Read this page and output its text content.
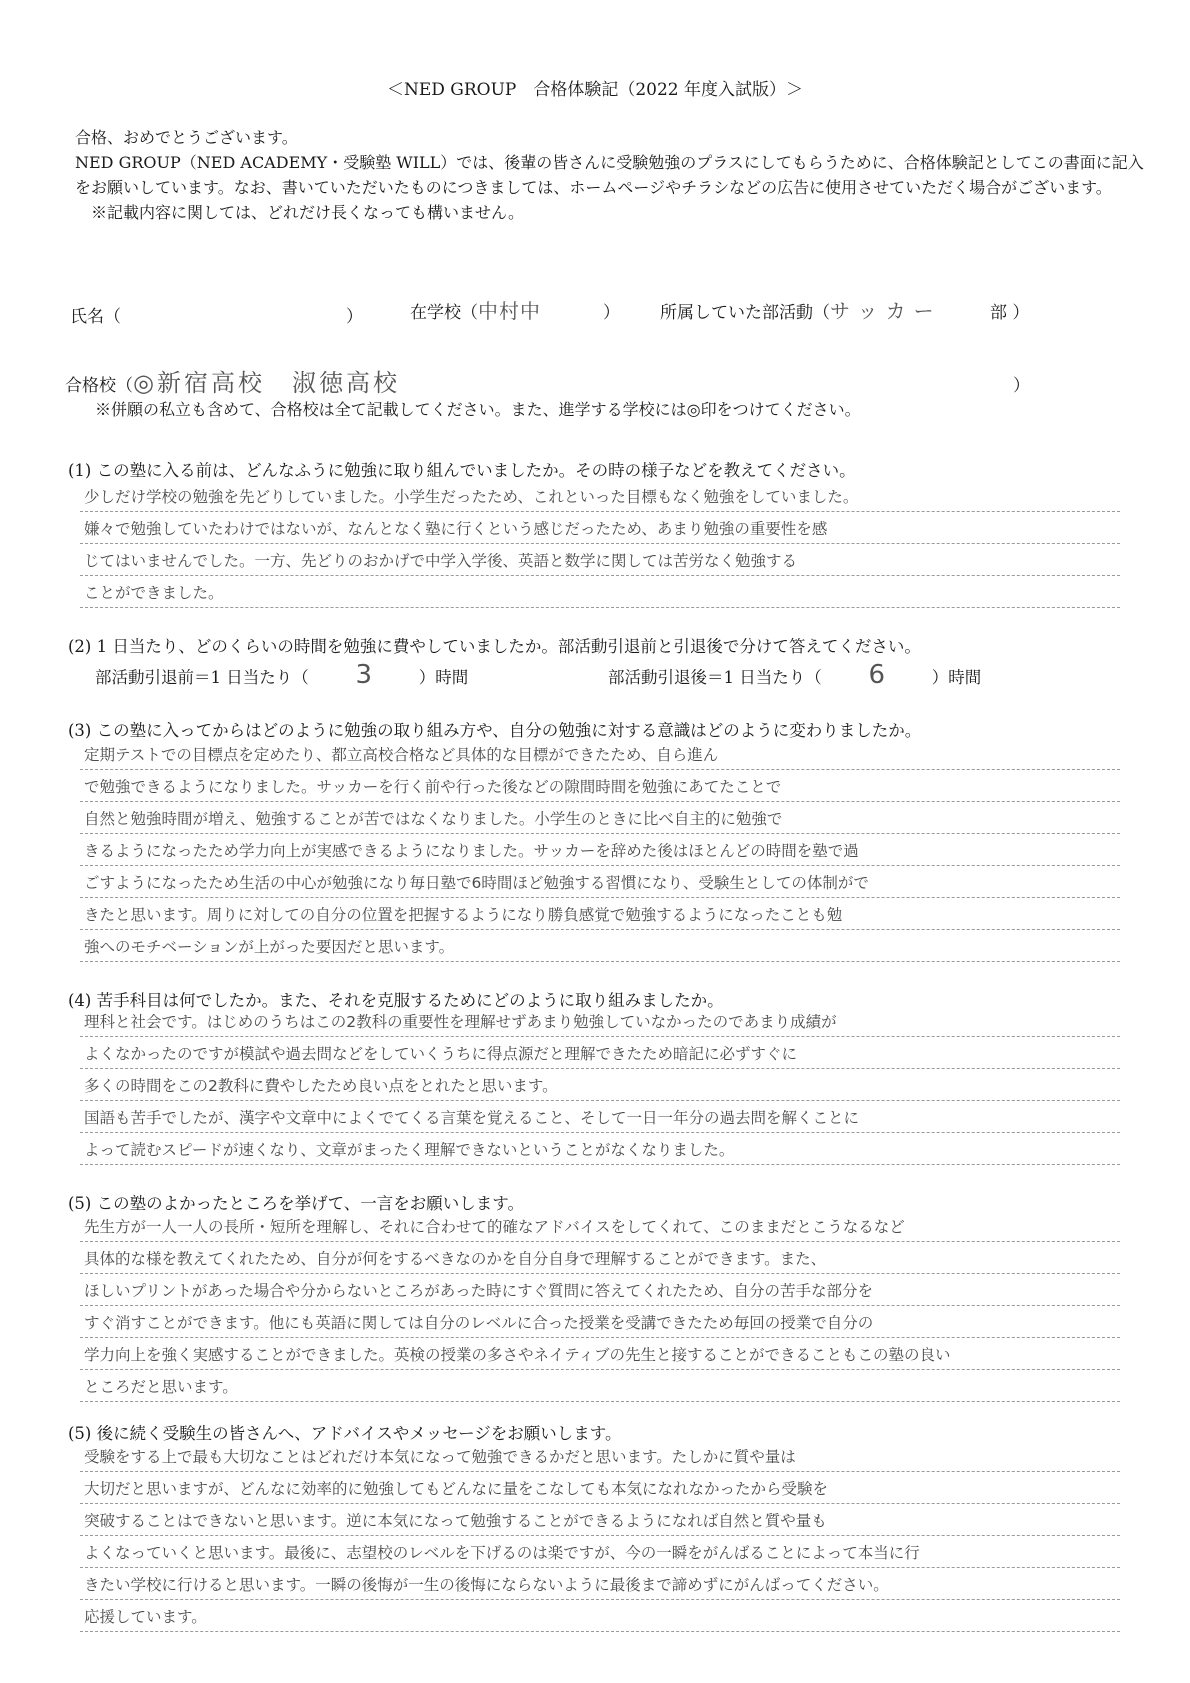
＜NED GROUP　合格体験記（2022 年度入試版）＞

合格、おめでとうございます。

NED GROUP（NED ACADEMY・受験塾 WILL）では、後輩の皆さんに受験勉強のプラスにしてもらうために、合格体験記としてこの書面に記入をお願いしています。なお、書いていただいたものにつきましては、ホームページやチラシなどの広告に使用させていただく場合がございます。

※記載内容に関しては、どれだけ長くなっても構いません。

氏名（	）	在学校（中村中	） 所属していた部活動（サッカー	部 ）
合格校（◎新宿高校　淑徳高校	）
※併願の私立も含めて、合格校は全て記載してください。また、進学する学校には◎印をつけてください。
(1) この塾に入る前は、どんなふうに勉強に取り組んでいましたか。その時の様子などを教えてください。
少しだけ学校の勉強を先どりしていました。小学生だったため、これといった目標もなく勉強をしていました。
嫌々で勉強していたわけではないが、なんとなく塾に行くという感じだったため、あまり勉強の重要性を感
じてはいませんでした。一方、先どりのおかげで中学入学後、英語と数学に関しては苦労なく勉強する
ことができました。
(2) 1 日当たり、どのくらいの時間を勉強に費やしていましたか。部活動引退前と引退後で分けて答えてください。
部活動引退前＝1 日当たり（ 3	）時間	部活動引退後＝1 日当たり（ 6	）時間
(3) この塾に入ってからはどのように勉強の取り組み方や、自分の勉強に対する意識はどのように変わりましたか。
定期テストでの目標点を定めたり、都立高校合格など具体的な目標ができたため、自ら進ん
で勉強できるようになりました。サッカーを行く前や行った後などの隙間時間を勉強にあてたことで
自然と勉強時間が増え、勉強することが苦ではなくなりました。小学生のときに比べ自主的に勉強で
きるようになったため学力向上が実感できるようになりました。サッカーを辞めた後はほとんどの時間を塾で過
ごすようになったため生活の中心が勉強になり毎日塾で6時間ほど勉強する習慣になり、受験生としての体制がで
きたと思います。周りに対しての自分の位置を把握するようになり勝負感覚で勉強するようになったことも勉
強へのモチベーションが上がった要因だと思います。
(4) 苦手科目は何でしたか。また、それを克服するためにどのように取り組みましたか。
理科と社会です。はじめのうちはこの2教科の重要性を理解せずあまり勉強していなかったのであまり成績が
よくなかったのですが模試や過去問などをしていくうちに得点源だと理解できたため暗記に必ずすぐに
多くの時間をこの2教科に費やしたため良い点をとれたと思います。
国語も苦手でしたが、漢字や文章中によくでてくる言葉を覚えること、そして一日一年分の過去問を解くことに
よって読むスピードが速くなり、文章がまったく理解できないということがなくなりました。
(5) この塾のよかったところを挙げて、一言をお願いします。
先生方が一人一人の長所・短所を理解し、それに合わせて的確なアドバイスをしてくれて、このままだとこうなるなど
具体的な様を教えてくれたため、自分が何をするべきなのかを自分自身で理解することができます。また、
ほしいプリントがあった場合や分からないところがあった時にすぐ質問に答えてくれたため、自分の苦手な部分を
すぐ消すことができます。他にも英語に関しては自分のレベルに合った授業を受講できたため毎回の授業で自分の
学力向上を強く実感することができました。英検の授業の多さやネイティブの先生と接することができることもこの塾の良い
ところだと思います。
(5) 後に続く受験生の皆さんへ、アドバイスやメッセージをお願いします。
受験をする上で最も大切なことはどれだけ本気になって勉強できるかだと思います。たしかに質や量は
大切だと思いますが、どんなに効率的に勉強してもどんなに量をこなしても本気になれなかったから受験を
突破することはできないと思います。逆に本気になって勉強することができるようになれば自然と質や量も
よくなっていくと思います。最後に、志望校のレベルを下げるのは楽ですが、今の一瞬をがんばることによって本当に行
きたい学校に行けると思います。一瞬の後悔が一生の後悔にならないように最後まで諦めずにがんばってください。
応援しています。
